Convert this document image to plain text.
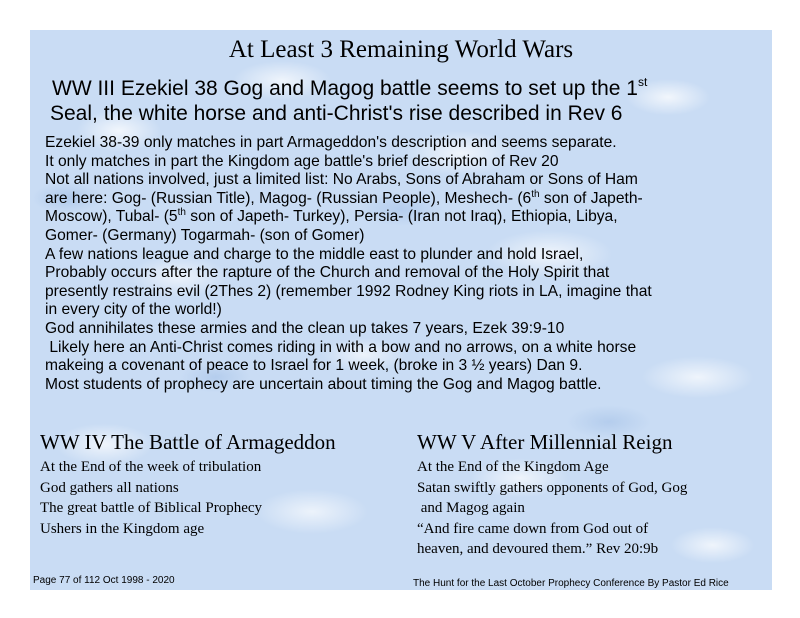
At Least 3 Remaining World Wars
WW III Ezekiel 38 Gog and Magog battle seems to set up the 1st
Seal, the white horse and anti-Christ's rise described in Rev 6
Ezekiel 38-39 only matches in part Armageddon's description and seems separate.
It only matches in part the Kingdom age battle's brief description of Rev 20
Not all nations involved, just a limited list: No Arabs, Sons of Abraham or Sons of Ham
are here: Gog- (Russian Title), Magog- (Russian People), Meshech- (6th son of Japeth-
Moscow), Tubal- (5th son of Japeth- Turkey), Persia- (Iran not Iraq), Ethiopia, Libya,
Gomer- (Germany) Togarmah- (son of Gomer)
A few nations league and charge to the middle east to plunder and hold Israel,
Probably occurs after the rapture of the Church and removal of the Holy Spirit that
presently restrains evil (2Thes 2) (remember 1992 Rodney King riots in LA, imagine that
in every city of the world!)
God annihilates these armies and the clean up takes 7 years, Ezek 39:9-10
Likely here an Anti-Christ comes riding in with a bow and no arrows, on a white horse
makeing a covenant of peace to Israel for 1 week, (broke in 3 ½ years) Dan 9.
Most students of prophecy are uncertain about timing the Gog and Magog battle.
WW IV The Battle of Armageddon
At the End of the week of tribulation
God gathers all nations
The great battle of Biblical Prophecy
Ushers in the Kingdom age
WW V After Millennial Reign
At the End of the Kingdom Age
Satan swiftly gathers opponents of God, Gog
and Magog again
“And fire came down from God out of
heaven, and devoured them.” Rev 20:9b
Page 77 of 112 Oct 1998 - 2020	The Hunt for the Last October Prophecy Conference By Pastor Ed Rice
